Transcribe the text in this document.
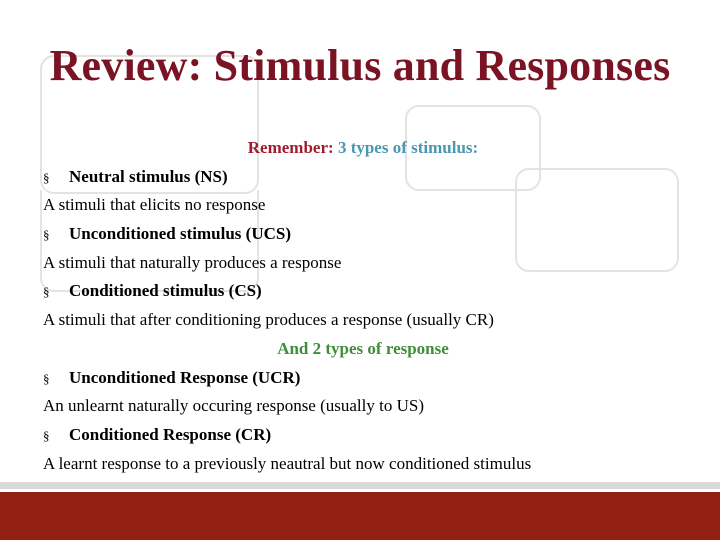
Review: Stimulus and Responses
Remember: 3 types of stimulus:
§ Neutral stimulus (NS)
A stimuli that elicits no response
§ Unconditioned stimulus (UCS)
A stimuli that naturally produces a response
§ Conditioned stimulus (CS)
A stimuli that after conditioning produces a response (usually CR)
And 2 types of response
§ Unconditioned Response (UCR)
An unlearnt naturally occuring response (usually to US)
§ Conditioned Response (CR)
A learnt response to a previously neautral but now conditioned stimulus
